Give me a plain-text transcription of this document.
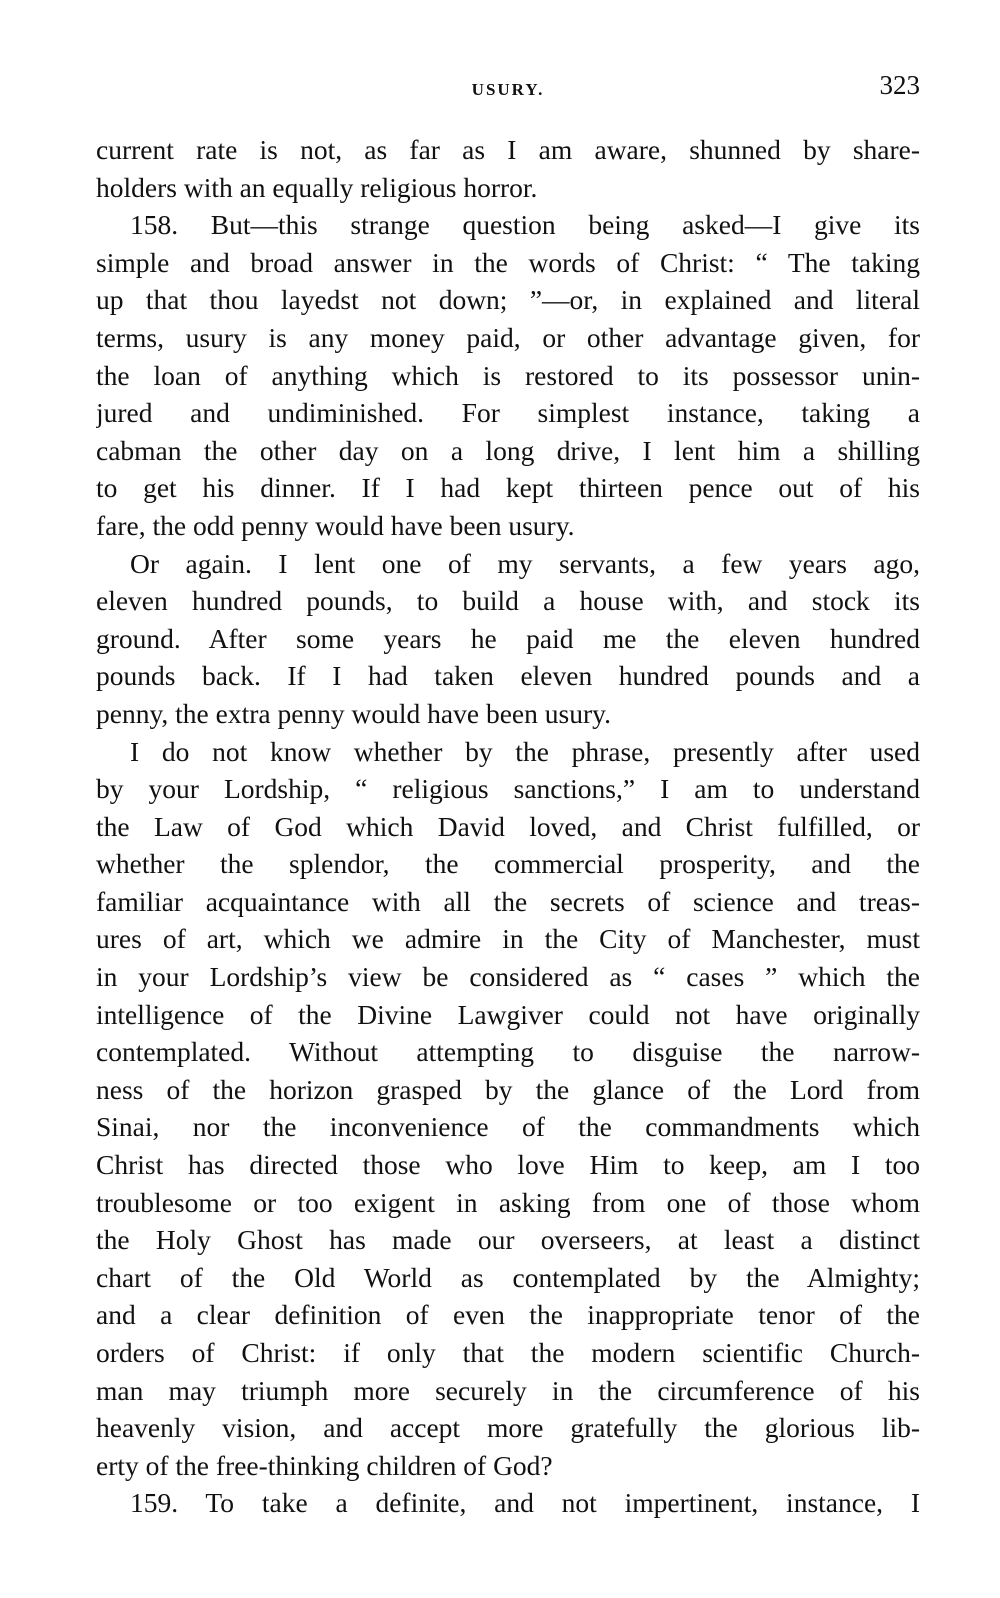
USURY.	323
current rate is not, as far as I am aware, shunned by share-
holders with an equally religious horror.
158. But—this strange question being asked—I give its
simple and broad answer in the words of Christ: “ The taking
up that thou layedst not down; ”—or, in explained and literal
terms, usury is any money paid, or other advantage given, for
the loan of anything which is restored to its possessor unin-
jured and undiminished. For simplest instance, taking a
cabman the other day on a long drive, I lent him a shilling
to get his dinner. If I had kept thirteen pence out of his
fare, the odd penny would have been usury.
Or again. I lent one of my servants, a few years ago,
eleven hundred pounds, to build a house with, and stock its
ground. After some years he paid me the eleven hundred
pounds back. If I had taken eleven hundred pounds and a
penny, the extra penny would have been usury.
I do not know whether by the phrase, presently after used
by your Lordship, “ religious sanctions,” I am to understand
the Law of God which David loved, and Christ fulfilled, or
whether the splendor, the commercial prosperity, and the
familiar acquaintance with all the secrets of science and treas-
ures of art, which we admire in the City of Manchester, must
in your Lordship’s view be considered as “ cases ” which the
intelligence of the Divine Lawgiver could not have originally
contemplated. Without attempting to disguise the narrow-
ness of the horizon grasped by the glance of the Lord from
Sinai, nor the inconvenience of the commandments which
Christ has directed those who love Him to keep, am I too
troublesome or too exigent in asking from one of those whom
the Holy Ghost has made our overseers, at least a distinct
chart of the Old World as contemplated by the Almighty;
and a clear definition of even the inappropriate tenor of the
orders of Christ: if only that the modern scientific Church-
man may triumph more securely in the circumference of his
heavenly vision, and accept more gratefully the glorious lib-
erty of the free-thinking children of God?
159. To take a definite, and not impertinent, instance, I
